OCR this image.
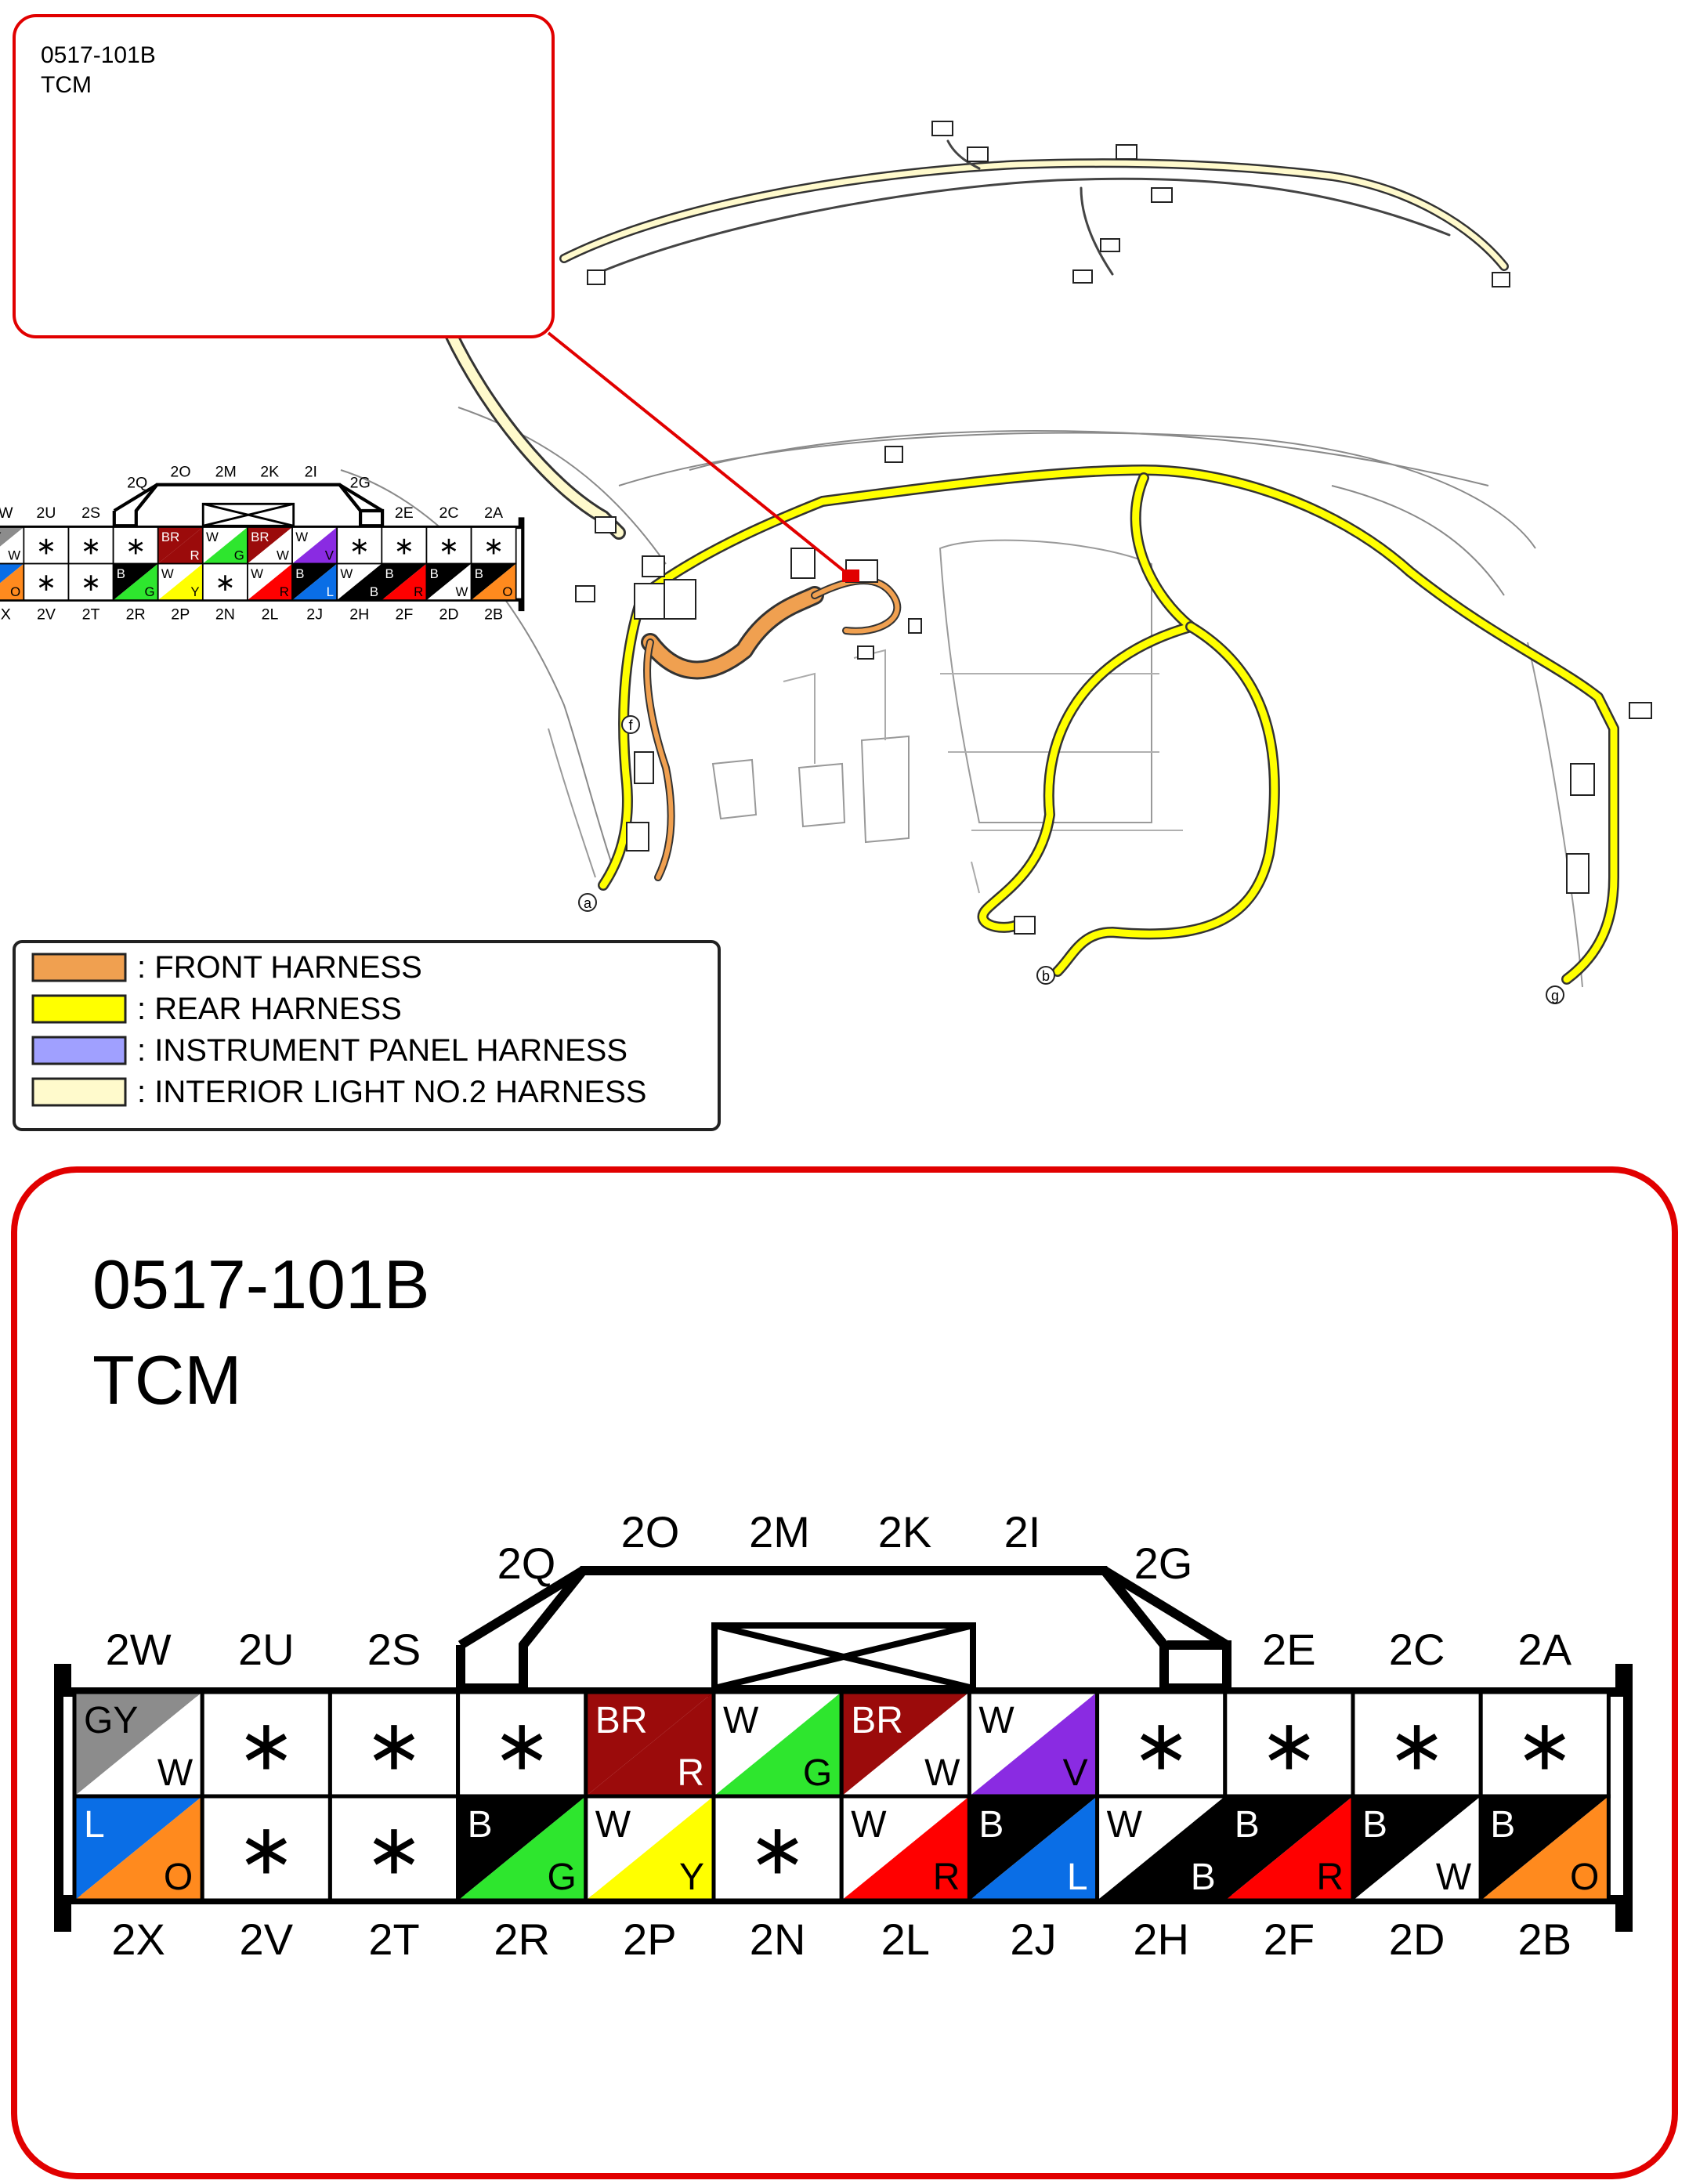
a
b
f
g
0517-101B
TCM
: FRONT HARNESS
: REAR HARNESS
: INSTRUMENT PANEL HARNESS
: INTERIOR LIGHT NO.2 HARNESS
0517-101B
TCM
GY
W ∗ ∗ ∗ BR
R
W
G
BR
W
W
V ∗ ∗ ∗ ∗
L
O ∗ ∗ B
G
W
Y ∗ W
R
B
L
W
B
B
R
B
W
B
O
2W 2U 2S	2E 2C 2A
2X 2V 2T 2R 2P 2N 2L 2J 2H 2F 2D 2B
2O 2M 2K 2I
2Q	2G
